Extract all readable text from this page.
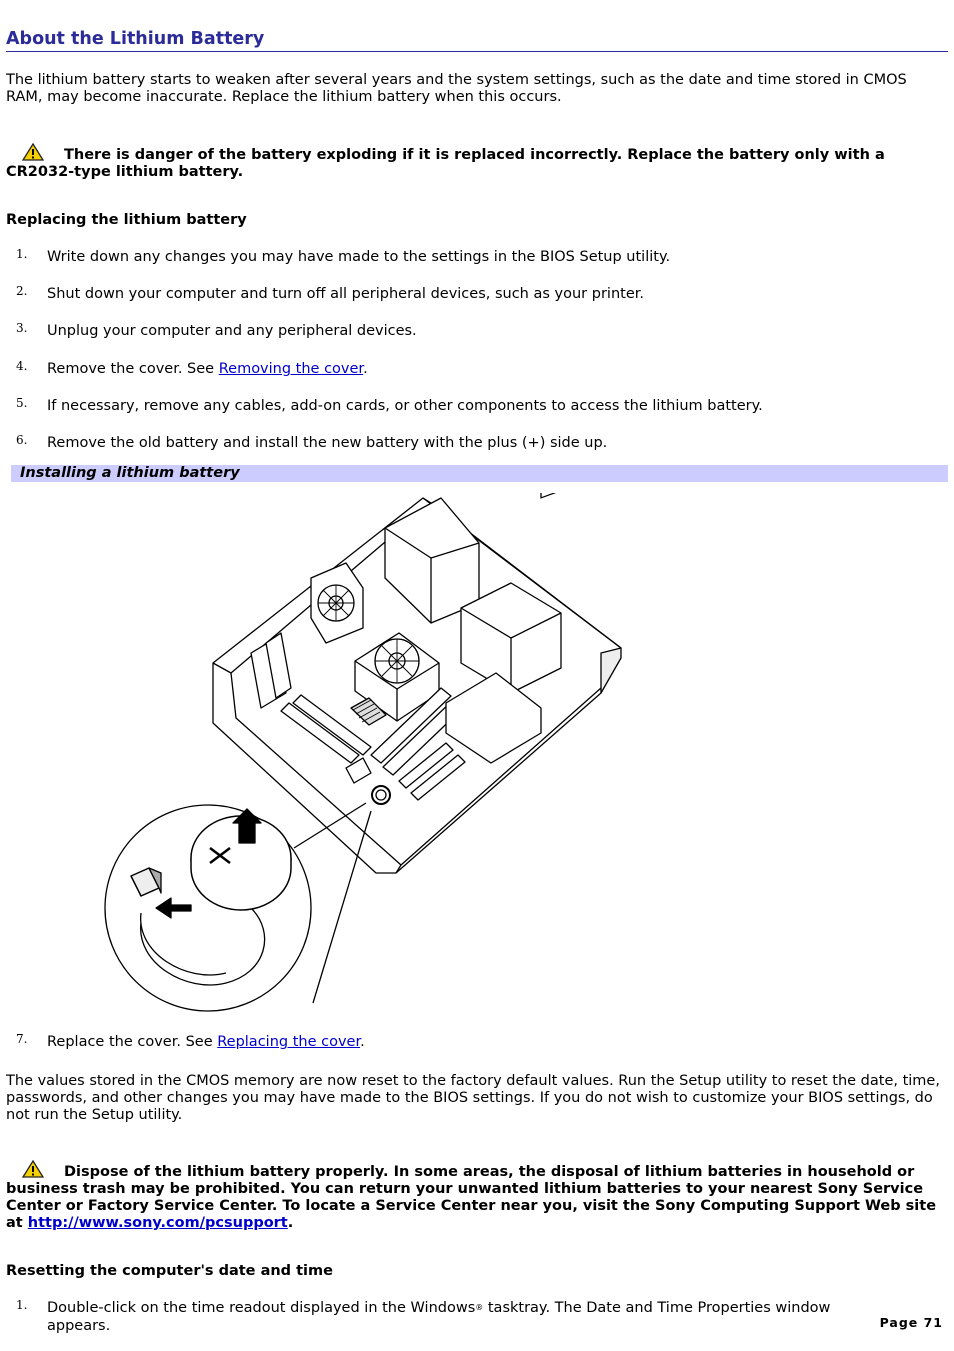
About the Lithium Battery

The lithium battery starts to weaken after several years and the system settings, such as the date and time stored in CMOS RAM, may become inaccurate. Replace the lithium battery when this occurs.

There is danger of the battery exploding if it is replaced incorrectly. Replace the battery only with a CR2032-type lithium battery.

Replacing the lithium battery

1. Write down any changes you may have made to the settings in the BIOS Setup utility.
2. Shut down your computer and turn off all peripheral devices, such as your printer.
3. Unplug your computer and any peripheral devices.
4. Remove the cover. See Removing the cover.
5. If necessary, remove any cables, add-on cards, or other components to access the lithium battery.
6. Remove the old battery and install the new battery with the plus (+) side up.
Installing a lithium battery
7. Replace the cover. See Replacing the cover.

The values stored in the CMOS memory are now reset to the factory default values. Run the Setup utility to reset the date, time, passwords, and other changes you may have made to the BIOS settings. If you do not wish to customize your BIOS settings, do not run the Setup utility.

Dispose of the lithium battery properly. In some areas, the disposal of lithium batteries in household or business trash may be prohibited. You can return your unwanted lithium batteries to your nearest Sony Service Center or Factory Service Center. To locate a Service Center near you, visit the Sony Computing Support Web site at http://www.sony.com/pcsupport.

Resetting the computer's date and time

1. Double-click on the time readout displayed in the Windows® tasktray. The Date and Time Properties window appears.	Page 71
